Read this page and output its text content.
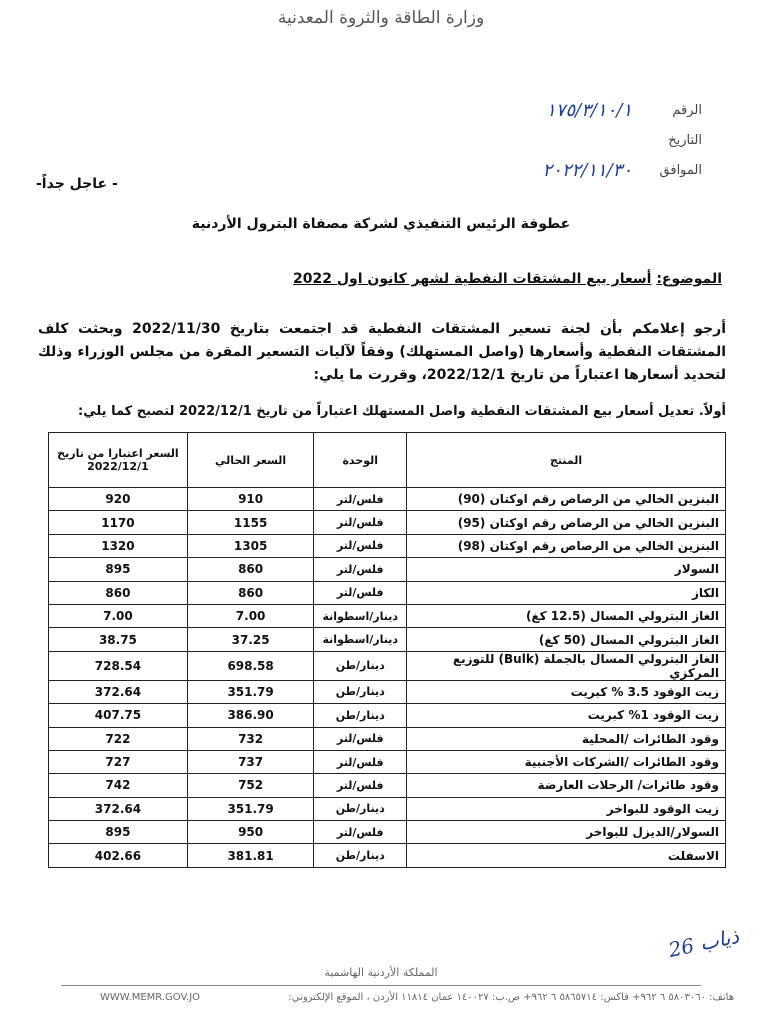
وزارة الطاقة والثروة المعدنية
الرقم
١٧٥/٣/١٠/١
التاريخ
الموافق
٢٠٢٢/١١/٣٠
- عاجل جداً-
عطوفة الرئيس التنفيذي لشركة مصفاة البترول الأردنية
الموضوع: أسعار بيع المشتقات النفطية لشهر كانون اول 2022
أرجو إعلامكم بأن لجنة تسعير المشتقات النفطية قد اجتمعت بتاريخ 2022/11/30 وبحثت كلف المشتقات النفطية وأسعارها (واصل المستهلك) وفقاً لآليات التسعير المقرة من مجلس الوزراء وذلك لتحديد أسعارها اعتباراً من تاريخ 2022/12/1، وقررت ما يلي:
أولاً. تعديل أسعار بيع المشتقات النفطية واصل المستهلك اعتباراً من تاريخ 2022/12/1 لتصبح كما يلي:
المنتج	الوحدة	السعر الحالي	السعر اعتبارا من تاريخ 2022/12/1
البنزين الخالي من الرصاص رقم اوكتان (90)	فلس/لتر	910	920
البنزين الخالي من الرصاص رقم اوكتان (95)	فلس/لتر	1155	1170
البنزين الخالي من الرصاص رقم اوكتان (98)	فلس/لتر	1305	1320
السولار	فلس/لتر	860	895
الكاز	فلس/لتر	860	860
الغاز البترولي المسال (12.5 كغ)	دينار/اسطوانة	7.00	7.00
الغاز البترولي المسال (50 كغ)	دينار/اسطوانة	37.25	38.75
الغاز البترولي المسال بالجملة (Bulk) للتوزيع المركزي	دينار/طن	698.58	728.54
زيت الوقود 3.5 % كبريت	دينار/طن	351.79	372.64
زيت الوقود 1% كبريت	دينار/طن	386.90	407.75
وقود الطائرات /المحلية	فلس/لتر	732	722
وقود الطائرات /الشركات الأجنبية	فلس/لتر	737	727
وقود طائرات/ الرحلات العارضة	فلس/لتر	752	742
زيت الوقود للبواخر	دينار/طن	351.79	372.64
السولار/الديزل للبواخر	فلس/لتر	950	895
الاسفلت	دينار/طن	381.81	402.66
ذياب 26
المملكة الأردنية الهاشمية
هاتف: ٥٨٠٣٠٦٠ ٦ ٩٦٢+ فاكس: ٥٨٦٥٧١٤ ٦ ٩٦٢+ ص.ب: ١٤٠٠٢٧ عمان ١١٨١٤ الأردن ، الموقع الإلكتروني:
WWW.MEMR.GOV.JO
